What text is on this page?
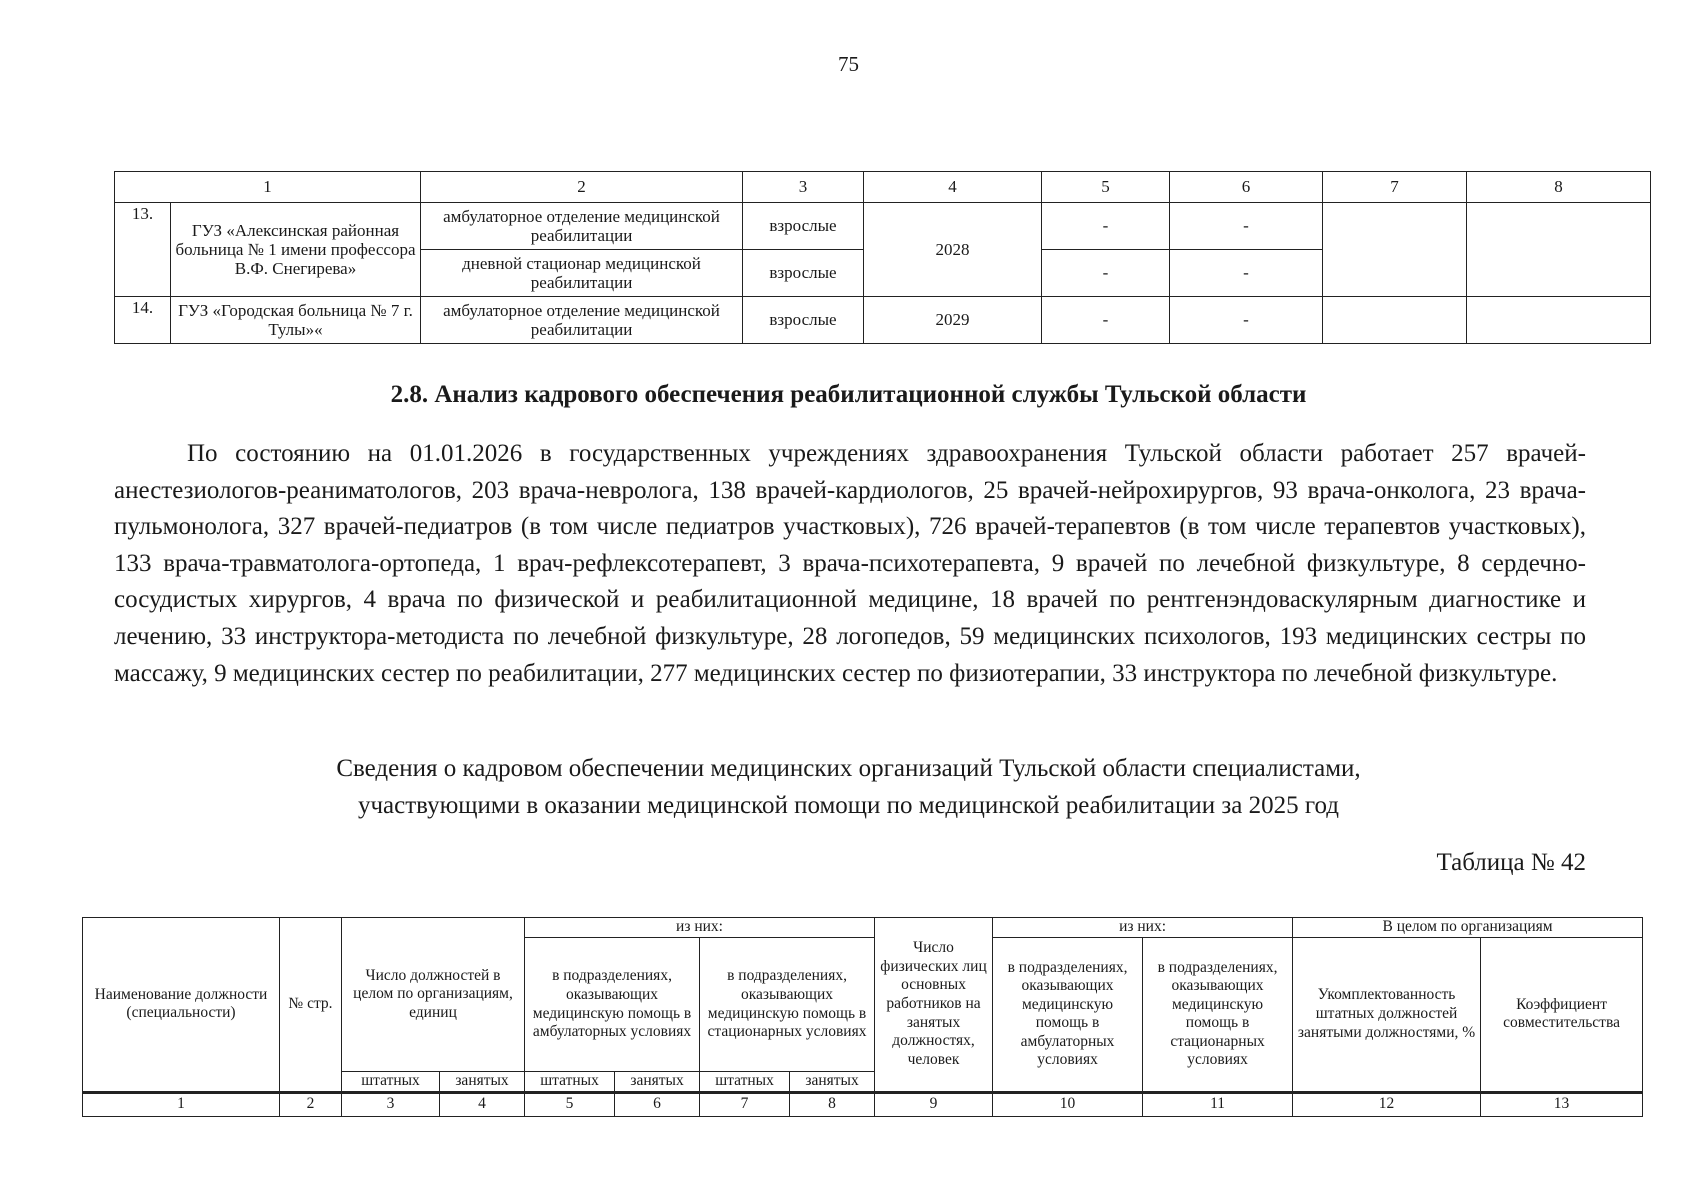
75
1		2	3	4	5	6	7	8
13.	ГУЗ «Алексинская районная больница № 1 имени профессора В.Ф. Снегирева»	амбулаторное отделение медицинской реабилитации	взрослые	2028	-	-		
		дневной стационар медицинской реабилитации	взрослые		-	-		
14.	ГУЗ «Городская больница № 7 г. Тулы»«	амбулаторное отделение медицинской реабилитации	взрослые	2029	-	-		
2.8. Анализ кадрового обеспечения реабилитационной службы Тульской области

По состоянию на 01.01.2026 в государственных учреждениях здравоохранения Тульской области работает 257 врачей-анестезиологов-реаниматологов, 203 врача-невролога, 138 врачей-кардиологов, 25 врачей-нейрохирургов, 93 врача-онколога, 23 врача-пульмонолога, 327 врачей-педиатров (в том числе педиатров участковых), 726 врачей-терапевтов (в том числе терапевтов участковых), 133 врача-травматолога-ортопеда, 1 врач-рефлексотерапевт, 3 врача-психотерапевта, 9 врачей по лечебной физкультуре, 8 сердечно-сосудистых хирургов, 4 врача по физической и реабилитационной медицине, 18 врачей по рентгенэндоваскулярным диагностике и лечению, 33 инструктора-методиста по лечебной физкультуре, 28 логопедов, 59 медицинских психологов, 193 медицинских сестры по массажу, 9 медицинских сестер по реабилитации, 277 медицинских сестер по физиотерапии, 33 инструктора по лечебной физкультуре.

Сведения о кадровом обеспечении медицинских организаций Тульской области специалистами,
участвующими в оказании медицинской помощи по медицинской реабилитации за 2025 год
Таблица № 42
Наименование должности (специальности)	№ стр.	Число должностей в целом по организациям, единиц		из них:				Число физических лиц основных работников на занятых должностях, человек	из них:		В целом по организациям	
				в подразделениях, оказывающих медицинскую помощь в амбулаторных условиях		в подразделениях, оказывающих медицинскую помощь в стационарных условиях			в подразделениях, оказывающих медицинскую помощь в амбулаторных условиях	в подразделениях, оказывающих медицинскую помощь в стационарных условиях	Укомплектованность штатных должностей занятыми должностями, %	Коэффициент совместительства
		штатных	занятых	штатных	занятых	штатных	занятых					
1	2	3	4	5	6	7	8	9	10	11	12	13
